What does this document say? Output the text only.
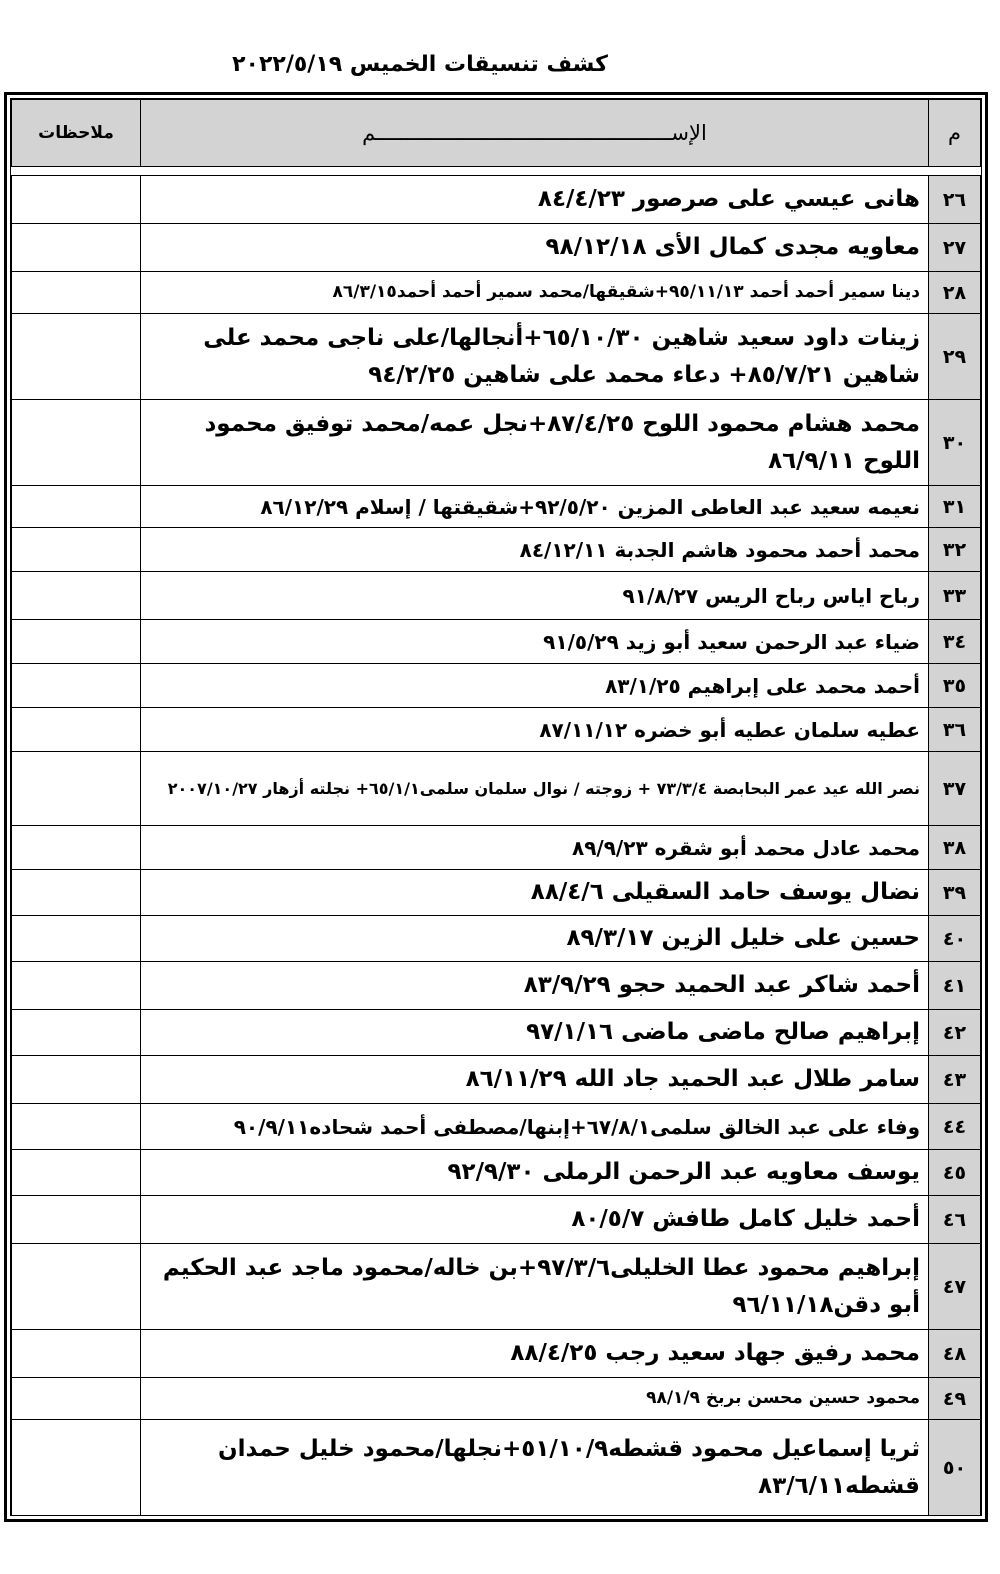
كشف تنسيقات الخميس ٢٠٢٢/٥/١٩
م	الإســــــــــــــــــــــــــــــــــــــــــــــــم	ملاحظات

٢٦	هانى عيسي على صرصور ٨٤/٤/٢٣	
٢٧	معاويه مجدى كمال الأى ٩٨/١٢/١٨	
٢٨	دينا سمير أحمد أحمد ٩٥/١١/١٣+شقيقها/محمد سمير أحمد أحمد٨٦/٣/١٥	
٢٩	زينات داود سعيد شاهين ٦٥/١٠/٣٠+أنجالها/على ناجى محمد على شاهين ٨٥/٧/٢١+ دعاء محمد على شاهين ٩٤/٢/٢٥	
٣٠	محمد هشام محمود اللوح ٨٧/٤/٢٥+نجل عمه/محمد توفيق محمود اللوح ٨٦/٩/١١	
٣١	نعيمه سعيد عبد العاطى المزين ٩٢/٥/٢٠+شقيقتها / إسلام ٨٦/١٢/٢٩	
٣٢	محمد أحمد محمود هاشم الجدبة ٨٤/١٢/١١	
٣٣	رباح اياس رباح الريس ٩١/٨/٢٧	
٣٤	ضياء عبد الرحمن سعيد أبو زيد ٩١/٥/٢٩	
٣٥	أحمد محمد على إبراهيم ٨٣/١/٢٥	
٣٦	عطيه سلمان عطيه أبو خضره ٨٧/١١/١٢	
٣٧	نصر الله عيد عمر البحابصة ٧٣/٣/٤ + زوجته / نوال سلمان سلمى٦٥/١/١+ نجلته أزهار ٢٠٠٧/١٠/٢٧	
٣٨	محمد عادل محمد أبو شقره ٨٩/٩/٢٣	
٣٩	نضال يوسف حامد السقيلى ٨٨/٤/٦	
٤٠	حسين على خليل الزين ٨٩/٣/١٧	
٤١	أحمد شاكر عبد الحميد حجو ٨٣/٩/٢٩	
٤٢	إبراهيم صالح ماضى ماضى ٩٧/١/١٦	
٤٣	سامر طلال عبد الحميد جاد الله ٨٦/١١/٢٩	
٤٤	وفاء على عبد الخالق سلمى٦٧/٨/١+إبنها/مصطفى أحمد شحاده٩٠/٩/١١	
٤٥	يوسف معاويه عبد الرحمن الرملى ٩٢/٩/٣٠	
٤٦	أحمد خليل كامل طافش ٨٠/٥/٧	
٤٧	إبراهيم محمود عطا الخليلى٩٧/٣/٦+بن خاله/محمود ماجد عبد الحكيم أبو دقن٩٦/١١/١٨	
٤٨	محمد رفيق جهاد سعيد رجب ٨٨/٤/٢٥	
٤٩	محمود حسين محسن بربخ ٩٨/١/٩	
٥٠	ثريا إسماعيل محمود قشطه٥١/١٠/٩+نجلها/محمود خليل حمدان قشطه٨٣/٦/١١	
